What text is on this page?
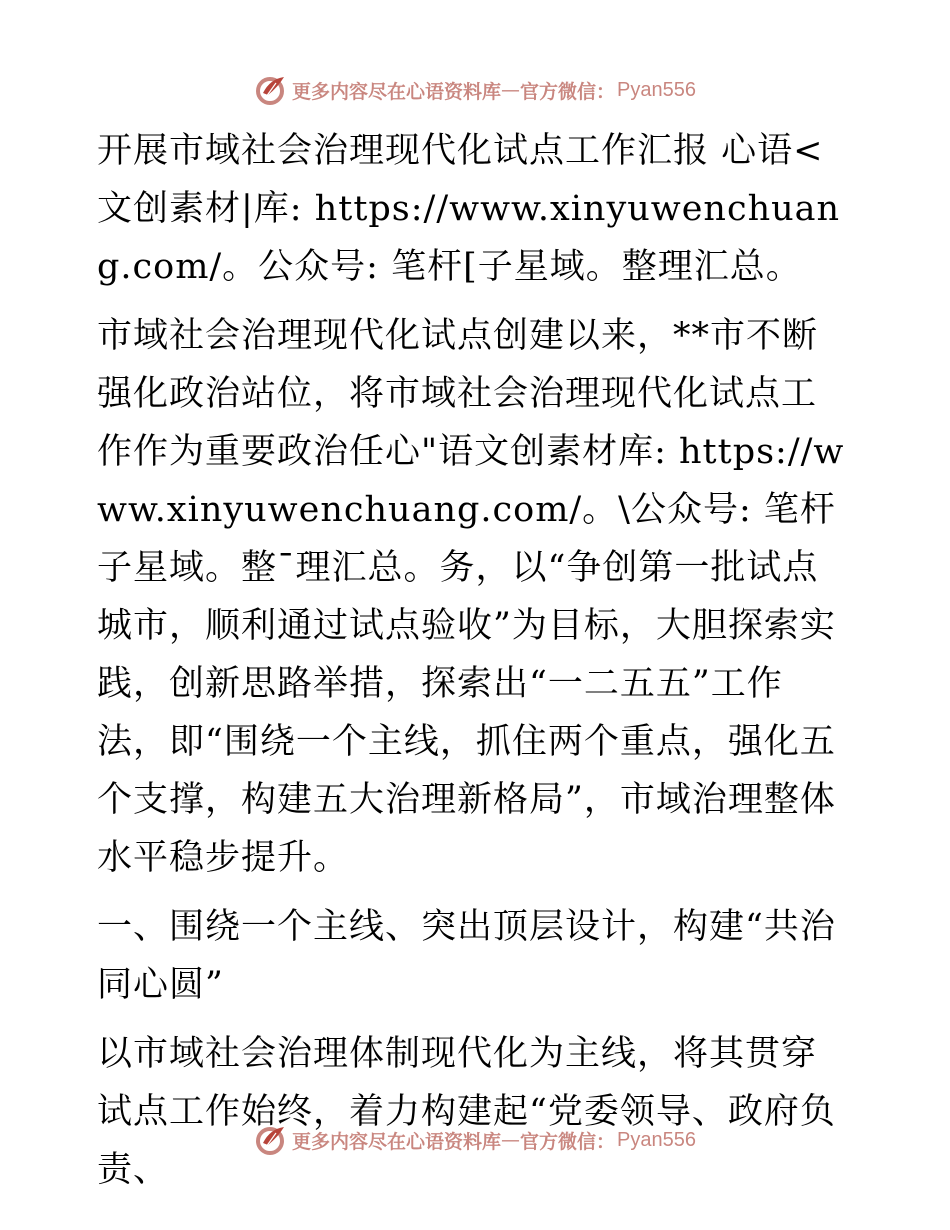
更多内容尽在心语资料库 — 官方微信： Pyan556

开展市域社会治理现代化试点工作汇报 心语<文创素材|库: https://www.xinyuwenchuang.com/。公众号: 笔杆[子星域。整理汇总。

市域社会治理现代化试点创建以来，**市不断强化政治站位，将市域社会治理现代化试点工作作为重要政治任心"语文创素材库: https://www.xinyuwenchuang.com/。\公众号: 笔杆子星域。整¯理汇总。务，以“争创第一批试点城市，顺利通过试点验收”为目标，大胆探索实践，创新思路举措，探索出“一二五五”工作法，即“围绕一个主线，抓住两个重点，强化五个支撑，构建五大治理新格局”，市域治理整体水平稳步提升。

一、围绕一个主线、突出顶层设计，构建“共治同心圆”

以市域社会治理体制现代化为主线，将其贯穿试点工作始终，着力构建起“党委领导、政府负责、

更多内容尽在心语资料库 — 官方微信： Pyan556
